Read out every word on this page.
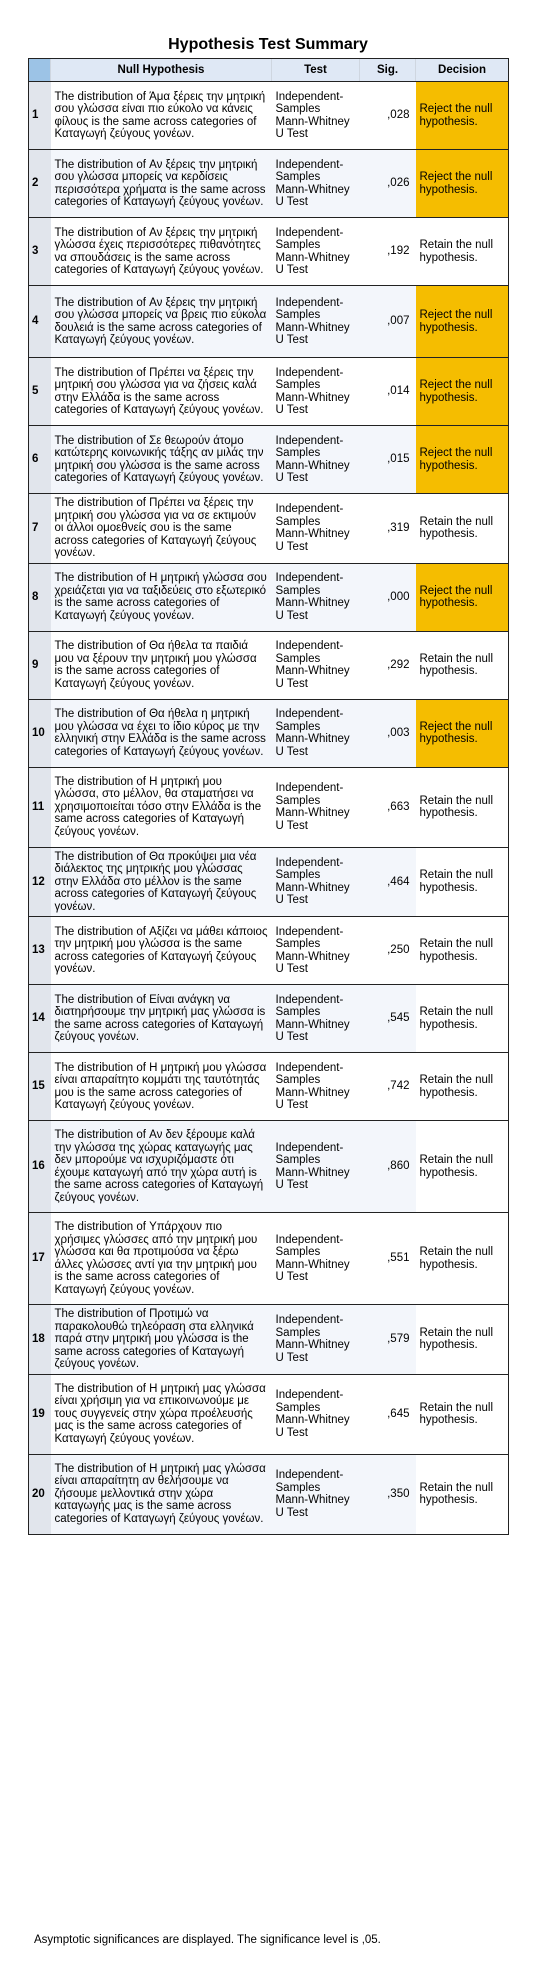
Hypothesis Test Summary
	Null Hypothesis	Test	Sig.	Decision
1	The distribution of Άμα ξέρεις την μητρική σου γλώσσα είναι πιο εύκολο να κάνεις φίλους is the same across categories of Καταγωγή ζεύγους γονέων.	Independent-Samples Mann-Whitney U Test	,028	Reject the null hypothesis.
2	The distribution of Αν ξέρεις την μητρική σου γλώσσα μπορείς να κερδίσεις περισσότερα χρήματα is the same across categories of Καταγωγή ζεύγους γονέων.	Independent-Samples Mann-Whitney U Test	,026	Reject the null hypothesis.
3	The distribution of Αν ξέρεις την μητρική γλώσσα έχεις περισσότερες πιθανότητες να σπουδάσεις is the same across categories of Καταγωγή ζεύγους γονέων.	Independent-Samples Mann-Whitney U Test	,192	Retain the null hypothesis.
4	The distribution of Αν ξέρεις την μητρική σου γλώσσα μπορείς να βρεις πιο εύκολα δουλειά is the same across categories of Καταγωγή ζεύγους γονέων.	Independent-Samples Mann-Whitney U Test	,007	Reject the null hypothesis.
5	The distribution of Πρέπει να ξέρεις την μητρική σου γλώσσα για να ζήσεις καλά στην Ελλάδα is the same across categories of Καταγωγή ζεύγους γονέων.	Independent-Samples Mann-Whitney U Test	,014	Reject the null hypothesis.
6	The distribution of Σε θεωρούν άτομο κατώτερης κοινωνικής τάξης αν μιλάς την μητρική σου γλώσσα is the same across categories of Καταγωγή ζεύγους γονέων.	Independent-Samples Mann-Whitney U Test	,015	Reject the null hypothesis.
7	The distribution of Πρέπει να ξέρεις την μητρική σου γλώσσα για να σε εκτιμούν οι άλλοι ομοεθνείς σου is the same across categories of Καταγωγή ζεύγους γονέων.	Independent-Samples Mann-Whitney U Test	,319	Retain the null hypothesis.
8	The distribution of Η μητρική γλώσσα σου χρειάζεται για να ταξιδεύεις στο εξωτερικό is the same across categories of Καταγωγή ζεύγους γονέων.	Independent-Samples Mann-Whitney U Test	,000	Reject the null hypothesis.
9	The distribution of Θα ήθελα τα παιδιά μου να ξέρουν την μητρική μου γλώσσα is the same across categories of Καταγωγή ζεύγους γονέων.	Independent-Samples Mann-Whitney U Test	,292	Retain the null hypothesis.
10	The distribution of Θα ήθελα η μητρική μου γλώσσα να έχει το ίδιο κύρος με την ελληνική στην Ελλάδα is the same across categories of Καταγωγή ζεύγους γονέων.	Independent-Samples Mann-Whitney U Test	,003	Reject the null hypothesis.
11	The distribution of Η μητρική μου γλώσσα, στο μέλλον, θα σταματήσει να χρησιμοποιείται τόσο στην Ελλάδα is the same across categories of Καταγωγή ζεύγους γονέων.	Independent-Samples Mann-Whitney U Test	,663	Retain the null hypothesis.
12	The distribution of Θα προκύψει μια νέα διάλεκτος της μητρικής μου γλώσσας στην Ελλάδα στο μέλλον is the same across categories of Καταγωγή ζεύγους γονέων.	Independent-Samples Mann-Whitney U Test	,464	Retain the null hypothesis.
13	The distribution of Αξίζει να μάθει κάποιος την μητρική μου γλώσσα is the same across categories of Καταγωγή ζεύγους γονέων.	Independent-Samples Mann-Whitney U Test	,250	Retain the null hypothesis.
14	The distribution of Είναι ανάγκη να διατηρήσουμε την μητρική μας γλώσσα is the same across categories of Καταγωγή ζεύγους γονέων.	Independent-Samples Mann-Whitney U Test	,545	Retain the null hypothesis.
15	The distribution of Η μητρική μου γλώσσα είναι απαραίτητο κομμάτι της ταυτότητάς μου is the same across categories of Καταγωγή ζεύγους γονέων.	Independent-Samples Mann-Whitney U Test	,742	Retain the null hypothesis.
16	The distribution of Αν δεν ξέρουμε καλά την γλώσσα της χώρας καταγωγής μας δεν μπορούμε να ισχυριζόμαστε ότι έχουμε καταγωγή από την χώρα αυτή is the same across categories of Καταγωγή ζεύγους γονέων.	Independent-Samples Mann-Whitney U Test	,860	Retain the null hypothesis.
17	The distribution of Υπάρχουν πιο χρήσιμες γλώσσες από την μητρική μου γλώσσα και θα προτιμούσα να ξέρω άλλες γλώσσες αντί για την μητρική μου is the same across categories of Καταγωγή ζεύγους γονέων.	Independent-Samples Mann-Whitney U Test	,551	Retain the null hypothesis.
18	The distribution of Προτιμώ να παρακολουθώ τηλεόραση στα ελληνικά παρά στην μητρική μου γλώσσα is the same across categories of Καταγωγή ζεύγους γονέων.	Independent-Samples Mann-Whitney U Test	,579	Retain the null hypothesis.
19	The distribution of Η μητρική μας γλώσσα είναι χρήσιμη για να επικοινωνούμε με τους συγγενείς στην χώρα προέλευσής μας is the same across categories of Καταγωγή ζεύγους γονέων.	Independent-Samples Mann-Whitney U Test	,645	Retain the null hypothesis.
20	The distribution of Η μητρική μας γλώσσα είναι απαραίτητη αν θελήσουμε να ζήσουμε μελλοντικά στην χώρα καταγωγής μας is the same across categories of Καταγωγή ζεύγους γονέων.	Independent-Samples Mann-Whitney U Test	,350	Retain the null hypothesis.
Asymptotic significances are displayed. The significance level is ,05.
